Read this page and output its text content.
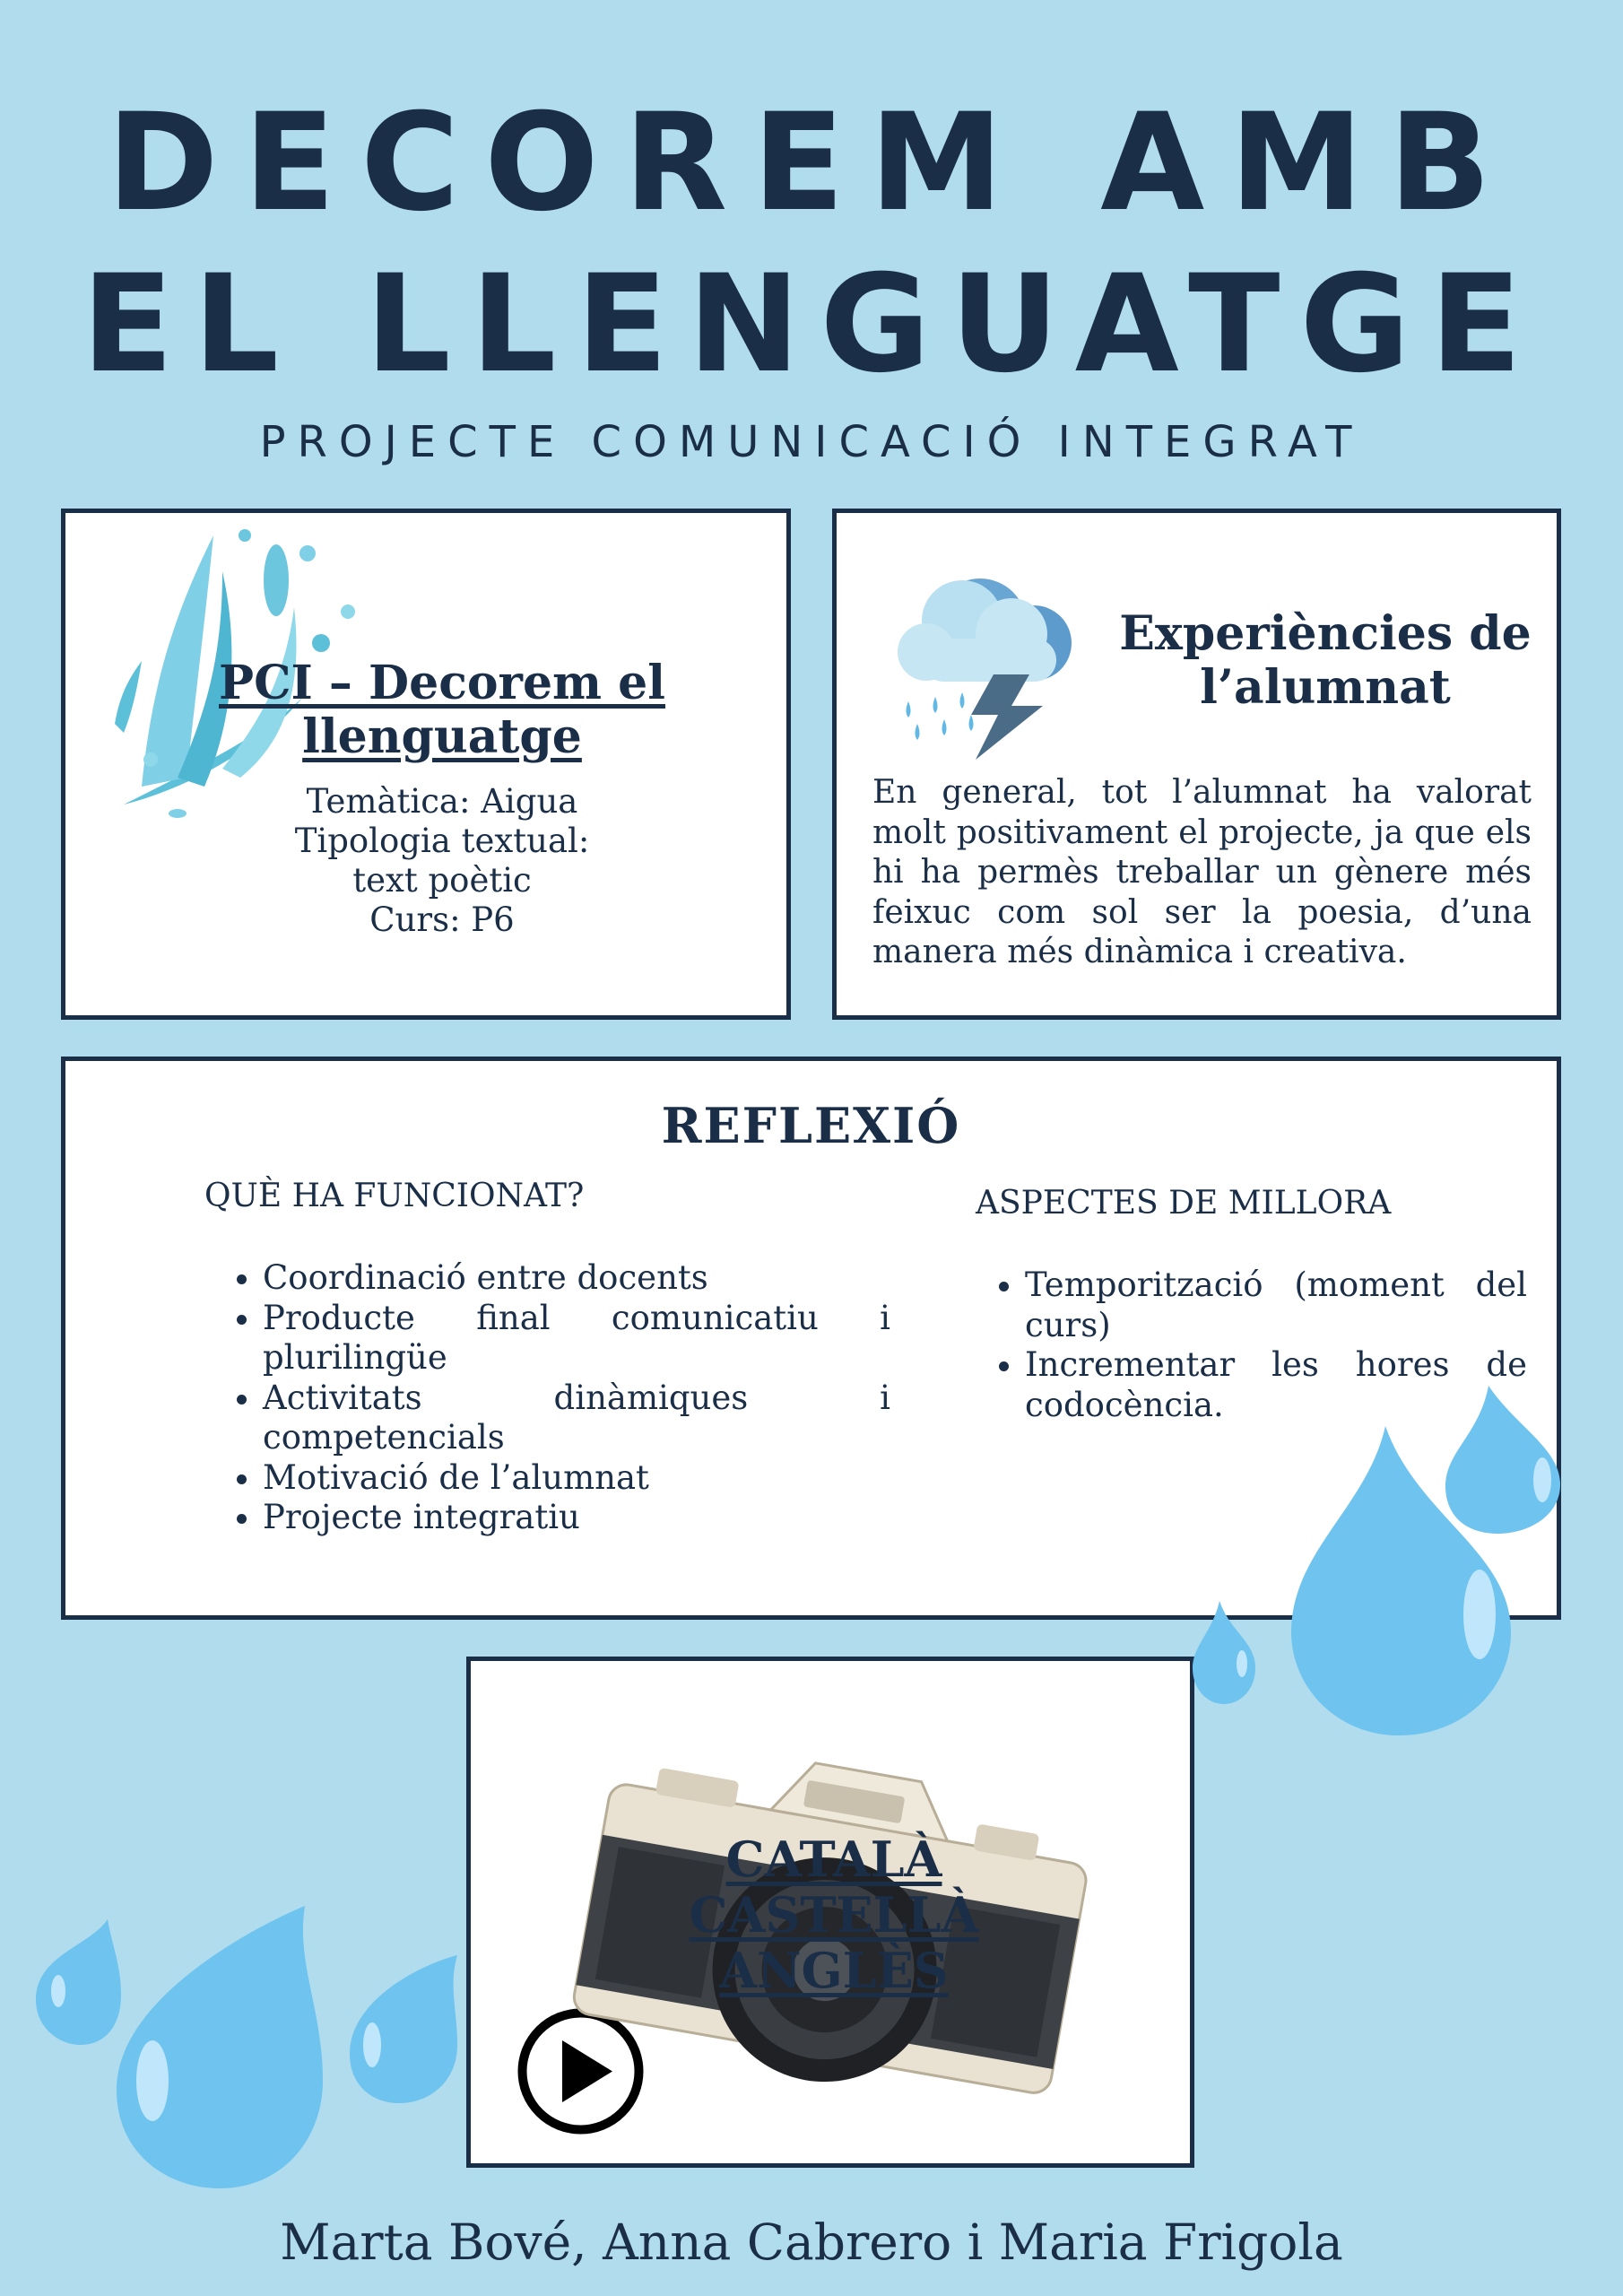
DECOREM AMB
EL LLENGUATGE
PROJECTE COMUNICACIÓ INTEGRAT
PCI – Decorem el llenguatge
Temàtica: Aigua
Tipologia textual:
text poètic
Curs: P6
Experiències de l’alumnat
En general, tot l’alumnat ha valorat molt positivament el projecte, ja que els hi ha permès treballar un gènere més feixuc com sol ser la poesia, d’una manera més dinàmica i creativa.
REFLEXIÓ
QUÈ HA FUNCIONAT?
• Coordinació entre docents
• Producte final comunicatiu i plurilingüe
• Activitats dinàmiques i competencials
• Motivació de l’alumnat
• Projecte integratiu
ASPECTES DE MILLORA
• Temporització (moment del curs)
• Incrementar les hores de codocència.
CATALÀ
CASTELLÀ
ANGLÈS
Marta Bové, Anna Cabrero i Maria Frigola
